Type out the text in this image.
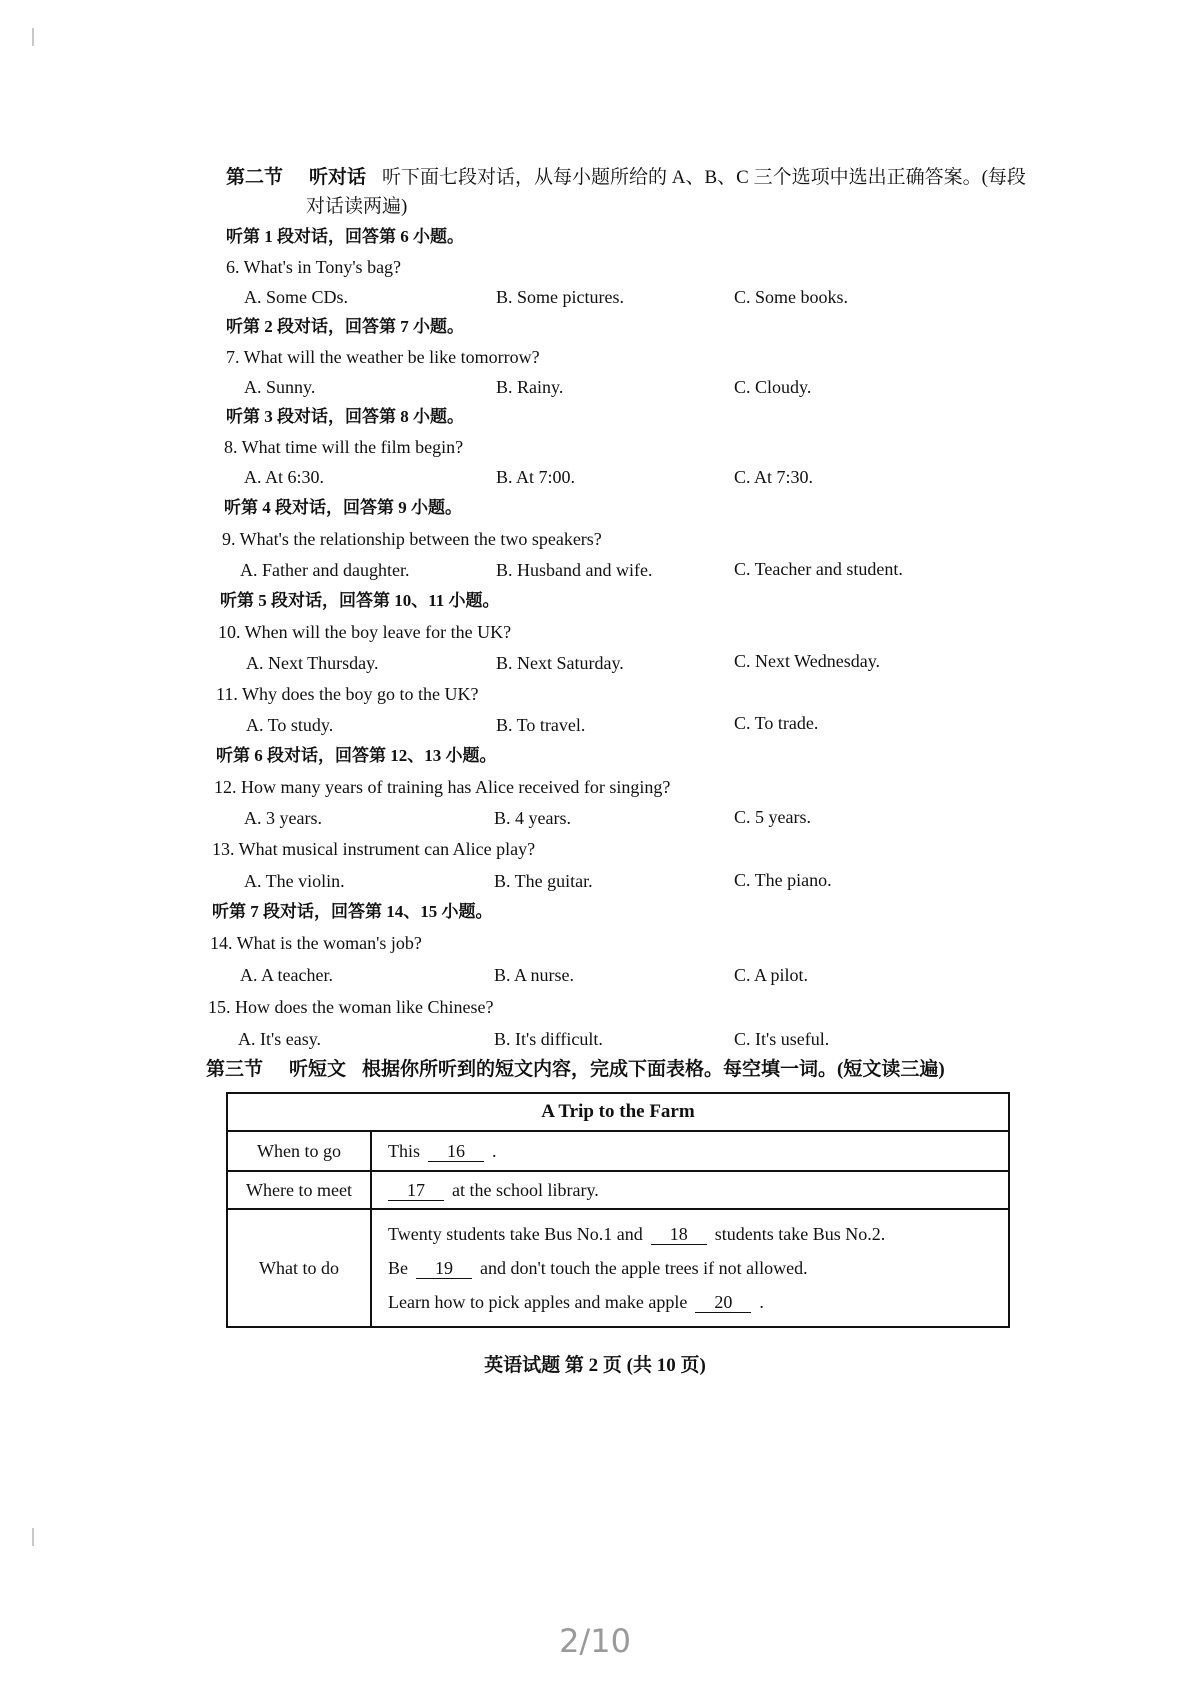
第二节 听对话 听下面七段对话，从每小题所给的 A、B、C 三个选项中选出正确答案。(每段
对话读两遍)
听第 1 段对话，回答第 6 小题。
6. What's in Tony's bag?
A. Some CDs.	B. Some pictures.	C. Some books.
听第 2 段对话，回答第 7 小题。
7. What will the weather be like tomorrow?
A. Sunny.	B. Rainy.	C. Cloudy.
听第 3 段对话，回答第 8 小题。
8. What time will the film begin?
A. At 6:30.	B. At 7:00.	C. At 7:30.
听第 4 段对话，回答第 9 小题。
9. What's the relationship between the two speakers?
A. Father and daughter.	B. Husband and wife.	C. Teacher and student.
听第 5 段对话，回答第 10、11 小题。
10. When will the boy leave for the UK?
A. Next Thursday.	B. Next Saturday.	C. Next Wednesday.
11. Why does the boy go to the UK?
A. To study.	B. To travel.	C. To trade.
听第 6 段对话，回答第 12、13 小题。
12. How many years of training has Alice received for singing?
A. 3 years.	B. 4 years.	C. 5 years.
13. What musical instrument can Alice play?
A. The violin.	B. The guitar.	C. The piano.
听第 7 段对话，回答第 14、15 小题。
14. What is the woman's job?
A. A teacher.	B. A nurse.	C. A pilot.
15. How does the woman like Chinese?
A. It's easy.	B. It's difficult.	C. It's useful.
第三节 听短文 根据你所听到的短文内容，完成下面表格。每空填一词。(短文读三遍)
A Trip to the Farm
When to go	This 16 .
Where to meet	17 at the school library.
What to do
Twenty students take Bus No.1 and 18 students take Bus No.2.
Be 19 and don't touch the apple trees if not allowed.
Learn how to pick apples and make apple 20 .
英语试题 第 2 页 (共 10 页)
2/10
